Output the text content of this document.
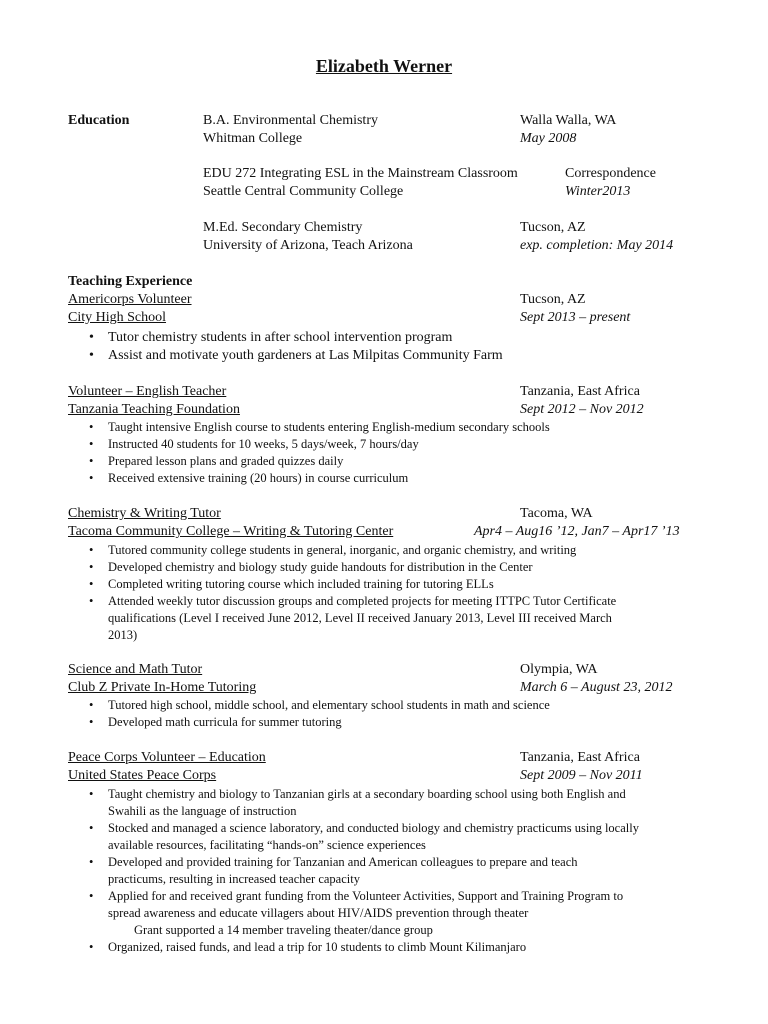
Elizabeth Werner
Education	B.A. Environmental Chemistry
Whitman College
Walla Walla, WA
May 2008
EDU 272 Integrating ESL in the Mainstream Classroom
Seattle Central Community College
Correspondence
Winter2013
M.Ed. Secondary Chemistry
University of Arizona, Teach Arizona
Tucson, AZ
exp. completion: May 2014
Teaching Experience
Americorps Volunteer
City High School
Tucson, AZ
Sept 2013 – present
• Tutor chemistry students in after school intervention program
• Assist and motivate youth gardeners at Las Milpitas Community Farm
Volunteer – English Teacher
Tanzania Teaching Foundation
Tanzania, East Africa
Sept 2012 – Nov 2012
• Taught intensive English course to students entering English-medium secondary schools
• Instructed 40 students for 10 weeks, 5 days/week, 7 hours/day
• Prepared lesson plans and graded quizzes daily
• Received extensive training (20 hours) in course curriculum
Chemistry & Writing Tutor
Tacoma Community College – Writing & Tutoring Center
Tacoma, WA
Apr4 – Aug16 ’12, Jan7 – Apr17 ’13
• Tutored community college students in general, inorganic, and organic chemistry, and writing
• Developed chemistry and biology study guide handouts for distribution in the Center
• Completed writing tutoring course which included training for tutoring ELLs
• Attended weekly tutor discussion groups and completed projects for meeting ITTPC Tutor Certificate
qualifications (Level I received June 2012, Level II received January 2013, Level III received March
2013)
Science and Math Tutor
Club Z Private In-Home Tutoring
Olympia, WA
March 6 – August 23, 2012
• Tutored high school, middle school, and elementary school students in math and science
• Developed math curricula for summer tutoring
Peace Corps Volunteer – Education
United States Peace Corps
Tanzania, East Africa
Sept 2009 – Nov 2011
• Taught chemistry and biology to Tanzanian girls at a secondary boarding school using both English and
Swahili as the language of instruction
• Stocked and managed a science laboratory, and conducted biology and chemistry practicums using locally
available resources, facilitating “hands-on” science experiences
• Developed and provided training for Tanzanian and American colleagues to prepare and teach
practicums, resulting in increased teacher capacity
• Applied for and received grant funding from the Volunteer Activities, Support and Training Program to
spread awareness and educate villagers about HIV/AIDS prevention through theater
Grant supported a 14 member traveling theater/dance group
• Organized, raised funds, and lead a trip for 10 students to climb Mount Kilimanjaro
